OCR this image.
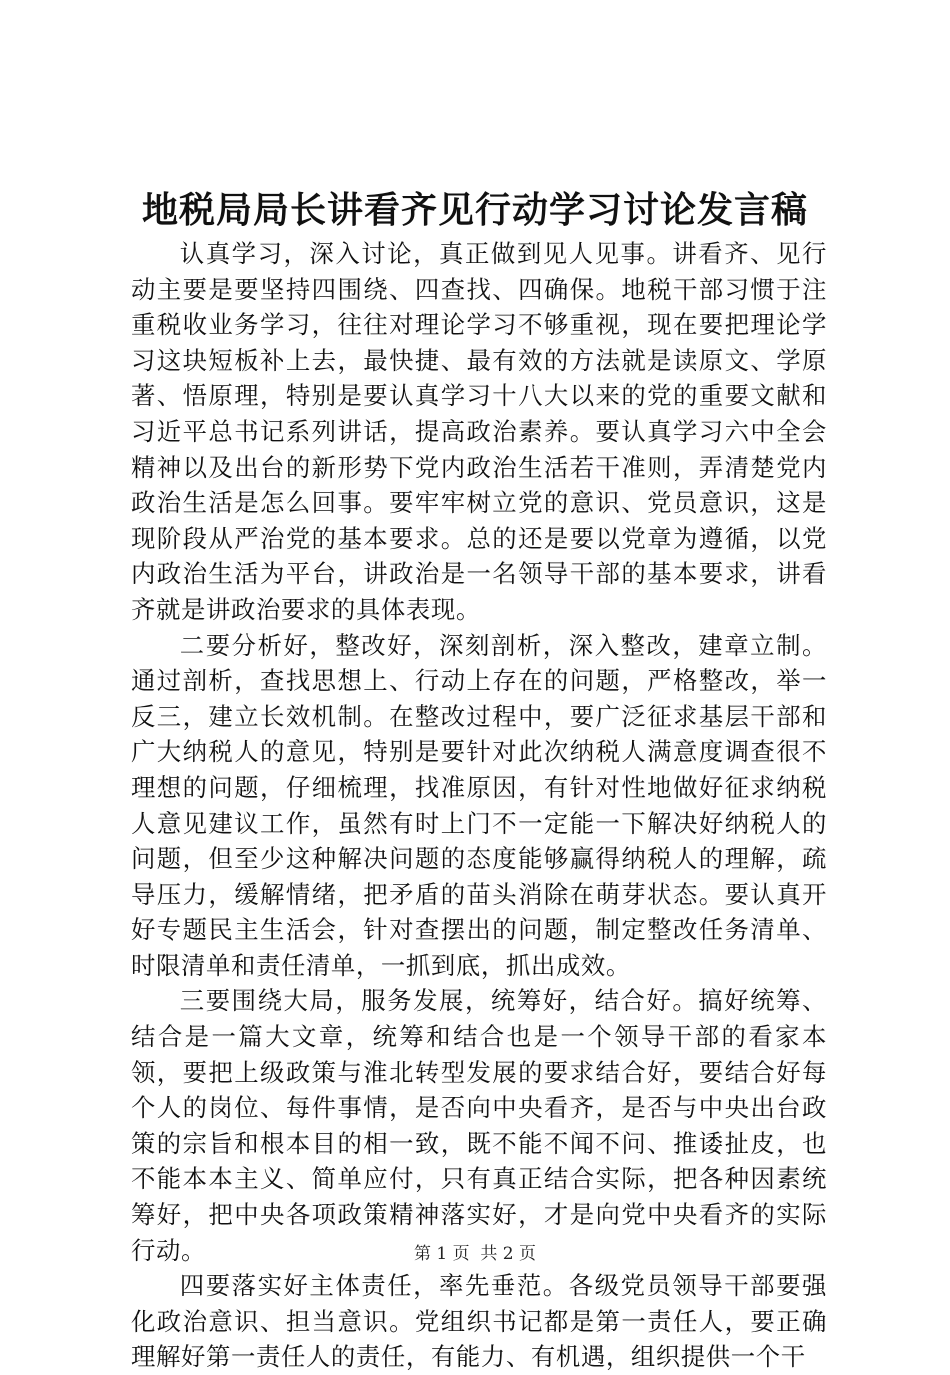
地税局局长讲看齐见行动学习讨论发言稿

认真学习，深入讨论，真正做到见人见事。讲看齐、见行动主要是要坚持四围绕、四查找、四确保。地税干部习惯于注重税收业务学习，往往对理论学习不够重视，现在要把理论学习这块短板补上去，最快捷、最有效的方法就是读原文、学原著、悟原理，特别是要认真学习十八大以来的党的重要文献和习近平总书记系列讲话，提高政治素养。要认真学习六中全会精神以及出台的新形势下党内政治生活若干准则，弄清楚党内政治生活是怎么回事。要牢牢树立党的意识、党员意识，这是现阶段从严治党的基本要求。总的还是要以党章为遵循，以党内政治生活为平台，讲政治是一名领导干部的基本要求，讲看齐就是讲政治要求的具体表现。

二要分析好，整改好，深刻剖析，深入整改，建章立制。通过剖析，查找思想上、行动上存在的问题，严格整改，举一反三，建立长效机制。在整改过程中，要广泛征求基层干部和广大纳税人的意见，特别是要针对此次纳税人满意度调查很不理想的问题，仔细梳理，找准原因，有针对性地做好征求纳税人意见建议工作，虽然有时上门不一定能一下解决好纳税人的问题，但至少这种解决问题的态度能够赢得纳税人的理解，疏导压力，缓解情绪，把矛盾的苗头消除在萌芽状态。要认真开好专题民主生活会，针对查摆出的问题，制定整改任务清单、时限清单和责任清单，一抓到底，抓出成效。

三要围绕大局，服务发展，统筹好，结合好。搞好统筹、结合是一篇大文章，统筹和结合也是一个领导干部的看家本领，要把上级政策与淮北转型发展的要求结合好，要结合好每个人的岗位、每件事情，是否向中央看齐，是否与中央出台政策的宗旨和根本目的相一致，既不能不闻不问、推诿扯皮，也不能本本主义、简单应付，只有真正结合实际，把各种因素统筹好，把中央各项政策精神落实好，才是向党中央看齐的实际行动。

四要落实好主体责任，率先垂范。各级党员领导干部要强化政治意识、担当意识。党组织书记都是第一责任人，要正确理解好第一责任人的责任，有能力、有机遇，组织提供一个干

第 1 页 共 2 页
